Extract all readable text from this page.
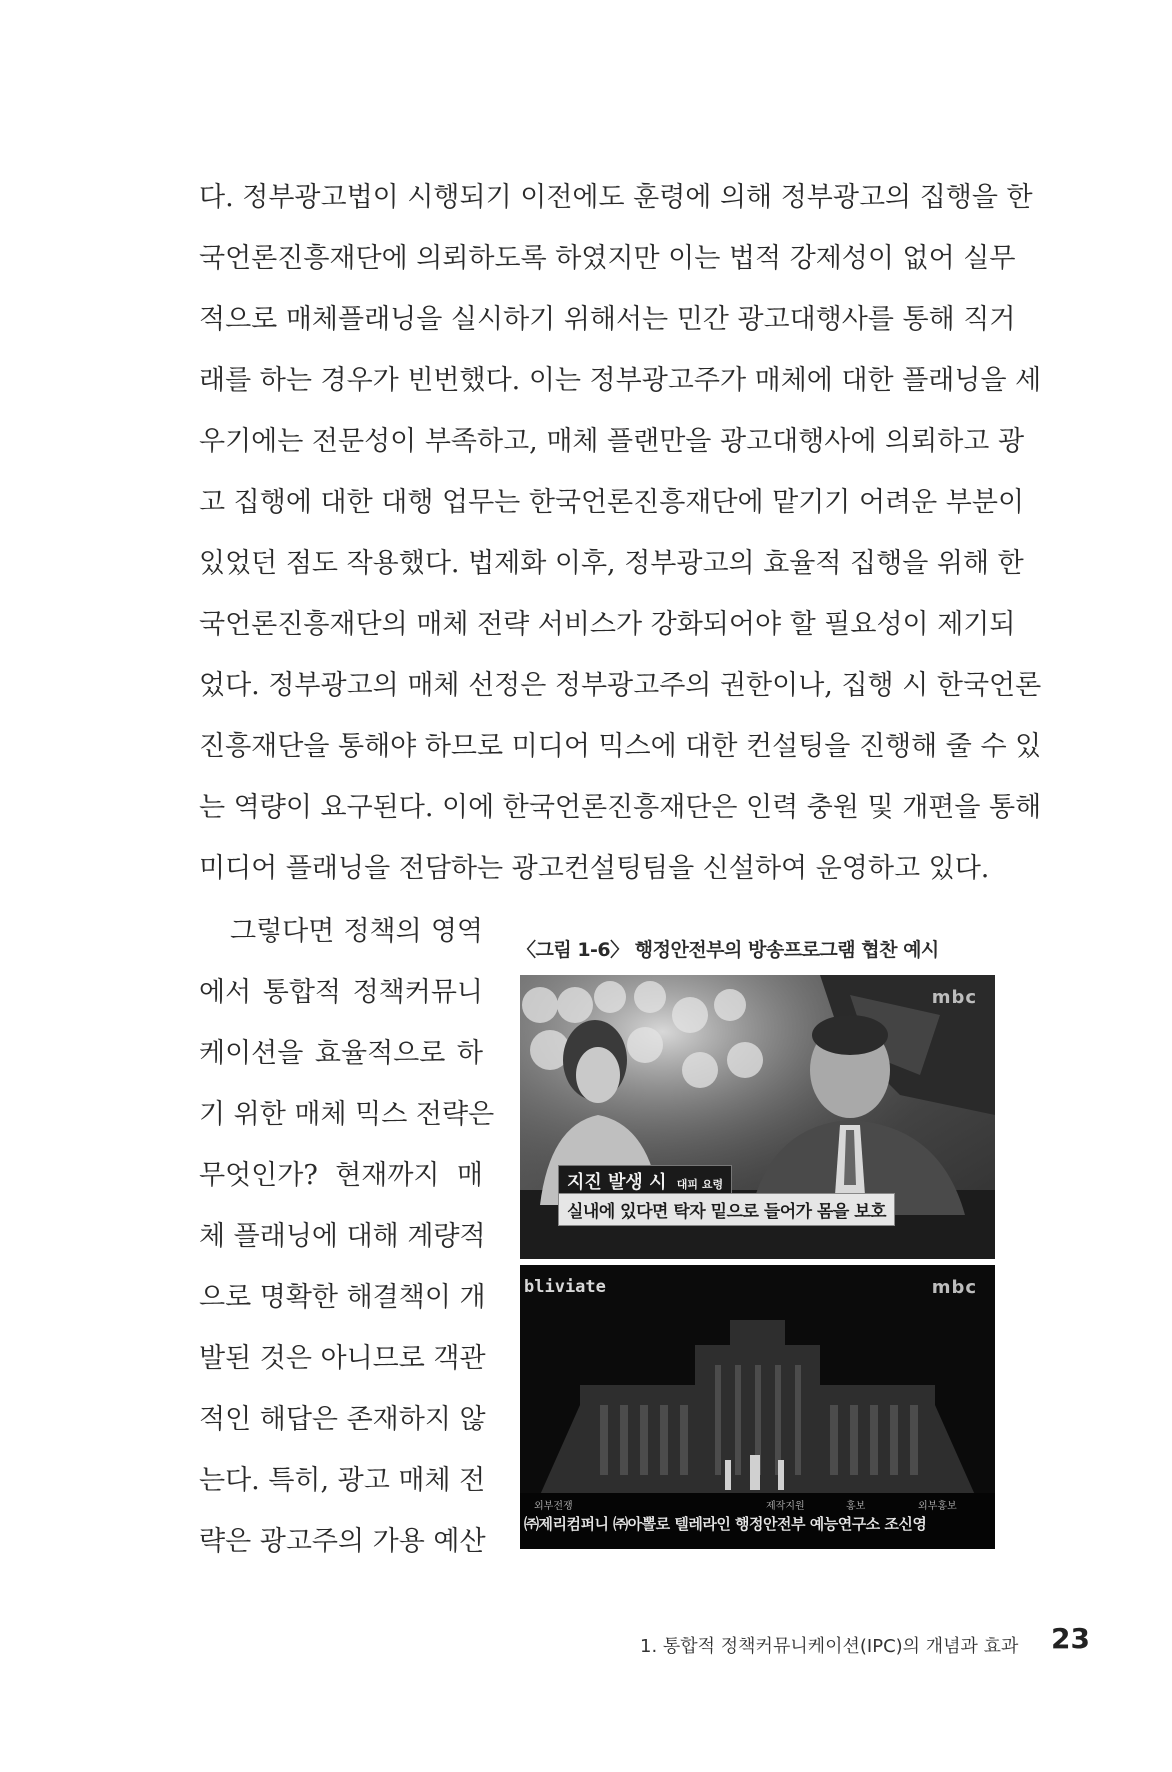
다. 정부광고법이 시행되기 이전에도 훈령에 의해 정부광고의 집행을 한
국언론진흥재단에 의뢰하도록 하였지만 이는 법적 강제성이 없어 실무
적으로 매체플래닝을 실시하기 위해서는 민간 광고대행사를 통해 직거
래를 하는 경우가 빈번했다. 이는 정부광고주가 매체에 대한 플래닝을 세
우기에는 전문성이 부족하고, 매체 플랜만을 광고대행사에 의뢰하고 광
고 집행에 대한 대행 업무는 한국언론진흥재단에 맡기기 어려운 부분이
있었던 점도 작용했다. 법제화 이후, 정부광고의 효율적 집행을 위해 한
국언론진흥재단의 매체 전략 서비스가 강화되어야 할 필요성이 제기되
었다. 정부광고의 매체 선정은 정부광고주의 권한이나, 집행 시 한국언론
진흥재단을 통해야 하므로 미디어 믹스에 대한 컨설팅을 진행해 줄 수 있
는 역량이 요구된다. 이에 한국언론진흥재단은 인력 충원 및 개편을 통해
미디어 플래닝을 전담하는 광고컨설팅팀을 신설하여 운영하고 있다.
그렇다면 정책의 영역
에서 통합적 정책커뮤니
케이션을 효율적으로 하
기 위한 매체 믹스 전략은
무엇인가? 현재까지 매
체 플래닝에 대해 계량적
으로 명확한 해결책이 개
발된 것은 아니므로 객관
적인 해답은 존재하지 않
는다. 특히, 광고 매체 전
략은 광고주의 가용 예산
〈그림 1-6〉 행정안전부의 방송프로그램 협찬 예시
mbc
지진 발생 시 대피 요령
실내에 있다면 탁자 밑으로 들어가 몸을 보호
mbc
bliviate
외부전쟁	제작지원	홍보	외부홍보
㈜제리컴퍼니 ㈜아뽈로 텔레라인 행정안전부 예능연구소 조신영
1. 통합적 정책커뮤니케이션(IPC)의 개념과 효과 23
